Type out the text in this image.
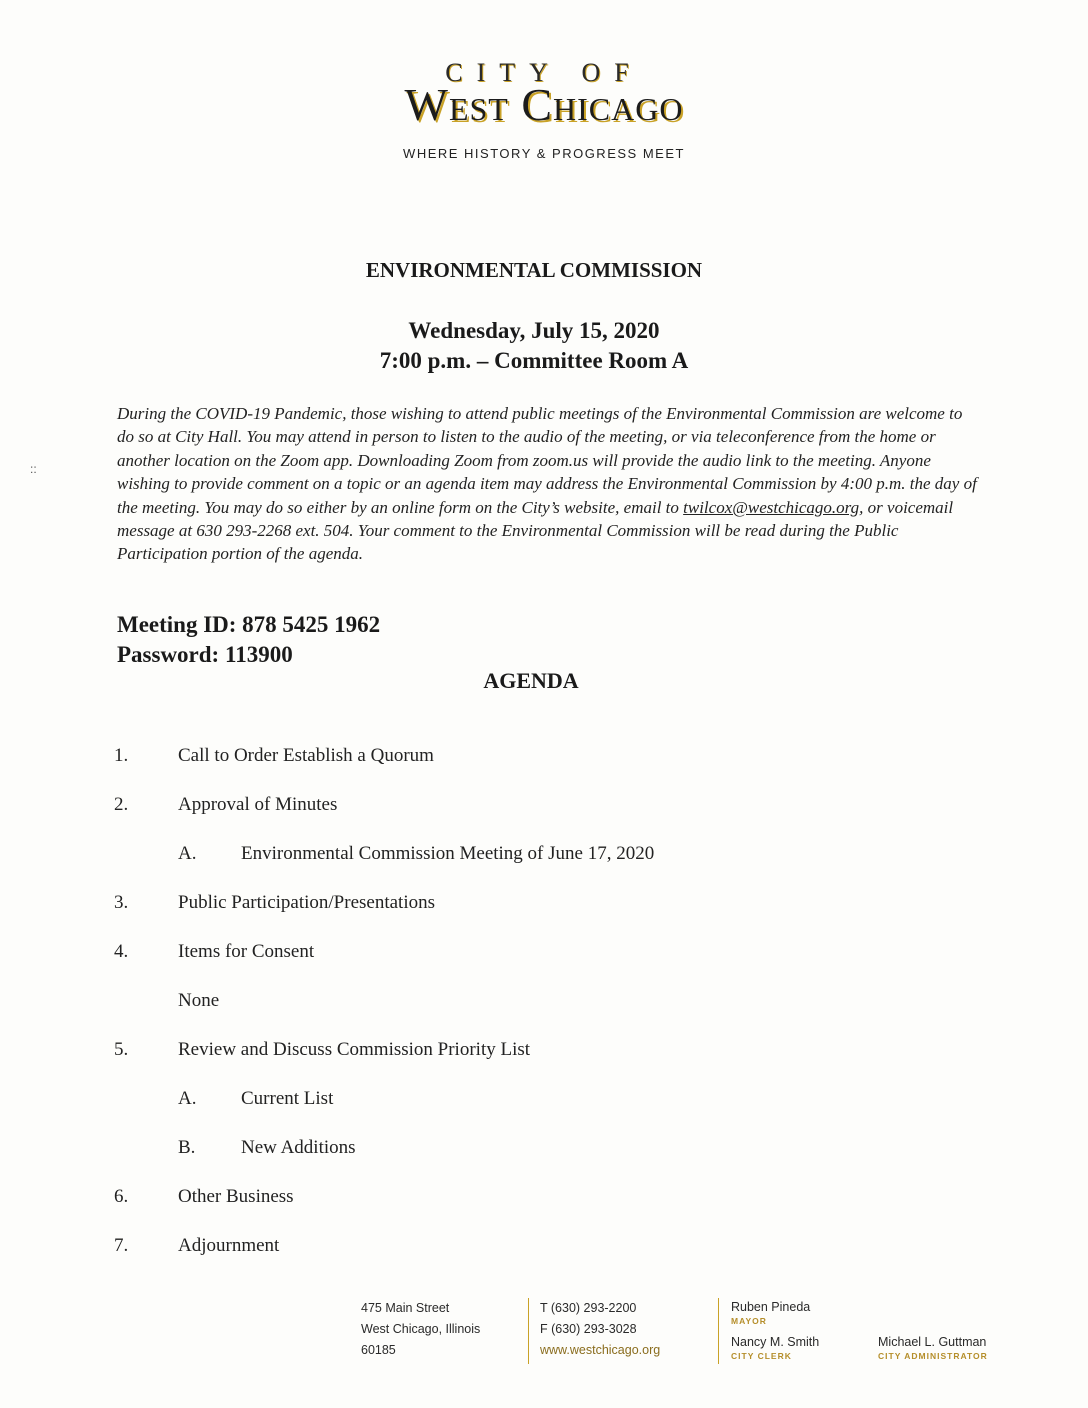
CITY OF
West Chicago
WHERE HISTORY & PROGRESS MEET
ENVIRONMENTAL COMMISSION
Wednesday, July 15, 2020
7:00 p.m. – Committee Room A
::
During the COVID-19 Pandemic, those wishing to attend public meetings of the Environmental Commission are welcome to do so at City Hall. You may attend in person to listen to the audio of the meeting, or via teleconference from the home or another location on the Zoom app. Downloading Zoom from zoom.us will provide the audio link to the meeting. Anyone wishing to provide comment on a topic or an agenda item may address the Environmental Commission by 4:00 p.m. the day of the meeting. You may do so either by an online form on the City’s website, email to twilcox@westchicago.org, or voicemail message at 630 293-2268 ext. 504. Your comment to the Environmental Commission will be read during the Public Participation portion of the agenda.
Meeting ID: 878 5425 1962
Password: 113900
AGENDA
1.	Call to Order Establish a Quorum
2.	Approval of Minutes
A. Environmental Commission Meeting of June 17, 2020
3.	Public Participation/Presentations
4.	Items for Consent
None
5.	Review and Discuss Commission Priority List
A. Current List
B. New Additions
6.	Other Business
7.	Adjournment
475 Main Street
West Chicago, Illinois
60185
T (630) 293-2200
F (630) 293-3028
www.westchicago.org
Ruben Pineda
MAYOR
Nancy M. Smith
CITY CLERK
Michael L. Guttman
CITY ADMINISTRATOR
